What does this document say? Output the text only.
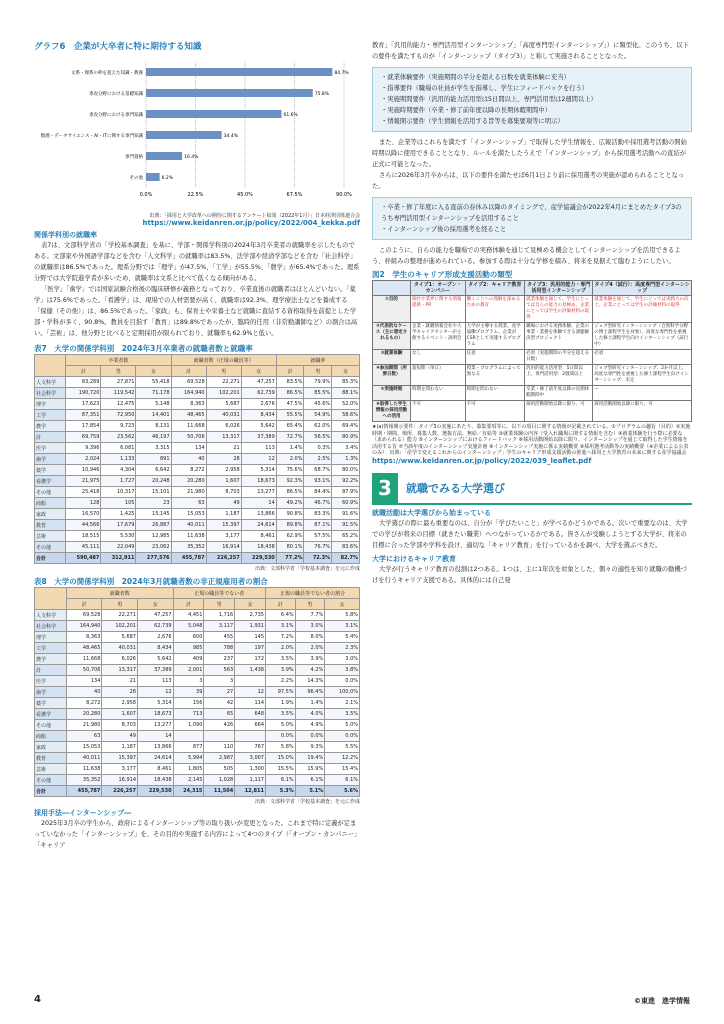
グラフ6　企業が大卒者に特に期待する知識
0.0%	22.5%	45.0%	67.5%	90.0%
文系・理系の枠を超えた知識・教養	84.7%
専攻分野における基礎知識	75.8%
専攻分野における専門知識	61.6%
数理・データサイエンス・AI・ITに関する専門知識	34.4%
専門資格	16.4%
その他	6.2%
出典：「採用と大学改革への期待に関するアンケート結果（2022年1月）」日本経済団体連合会
https://www.keidanren.or.jp/policy/2022/004_kekka.pdf
関係学科別の就職率

表7は、文部科学省の「学校基本調査」を基に、学部・関係学科別の2024年3月卒業者の就職率を示したものである。文部家や外国語学部などを含む「人文科学」の就職率は83.5%、法学部や経済学部などを含む「社会科学」の就職率は86.5%であった。理系分野では「理学」が47.5%、「工学」が55.5%、「農学」が65.4%であった。理系分野では大学院進学者が多いため、就職率は文系と比べて低くなる傾向がある。

「医学」「歯学」では国家試験合格後の臨床研修が義務となっており、卒業直後の就職者はほとんどいない。「薬学」は75.6%であった。「看護学」は、現場での人材需要が高く、就職率は92.3%、理学療法士などを養成する「保健（その他）」は、86.5%であった。「家政」も、保育士や栄養士など就職に直結する資格取得を前提とした学部・学科が多く、90.8%。教員を目指す「教育」は89.8%であったが、臨時的任用（非常勤講師など）の割合は高い。「芸術」は、他分野と比べると定期採用が限られており、就職率も62.9%と低い。

表7　大学の関係学科別　2024年3月卒業者の就職者数と就職率
	卒業者数			就職者数（正規の職員等）			就職率		
	計	男	女	計	男	女	計	男	女
人文科学	83,289	27,871	55,418	69,528	22,271	47,257	83.5%	79.9%	85.3%
社会科学	190,720	119,542	71,178	164,940	102,201	62,739	86.5%	85.5%	88.1%
理学	17,623	12,475	5,148	8,363	5,687	2,676	47.5%	45.6%	52.0%
工学	87,351	72,950	14,401	48,465	40,031	8,434	55.5%	54.9%	58.6%
農学	17,854	9,723	8,131	11,668	6,026	5,642	65.4%	62.0%	69.4%
計	69,759	23,562	46,197	50,706	13,317	37,389	72.7%	56.5%	80.9%
医学	9,396	6,081	3,315	134	21	113	1.4%	0.3%	3.4%
歯学	2,024	1,133	891	40	28	12	2.0%	2.5%	1.3%
薬学	10,946	4,304	6,642	8,272	2,958	5,314	75.6%	68.7%	80.0%
看護学	21,975	1,727	20,248	20,280	1,607	18,673	92.3%	93.1%	92.2%
その他	25,418	10,317	15,101	21,980	8,703	13,277	86.5%	84.4%	87.9%
商船	128	105	23	63	49	14	49.2%	46.7%	60.9%
家政	16,570	1,425	15,145	15,053	1,187	13,866	90.8%	83.3%	91.6%
教育	44,566	17,679	26,887	40,011	15,397	24,614	89.8%	87.1%	91.5%
芸術	18,515	5,530	12,985	11,638	3,177	8,461	62.9%	57.5%	65.2%
その他	45,111	22,049	23,062	35,352	16,914	18,438	80.1%	76.7%	83.6%
合計	590,487	312,911	277,576	455,787	226,257	229,530	77.2%	72.3%	82.7%
出典：文部科学省「学校基本調査」を元に作成
表8　大学の関係学科別　2024年3月就職者数の非正規雇用者の割合
	就職者数			正規の職員等でない者			正規の職員等でない者の割合		
	計	男	女	計	男	女	計	男	女
人文科学	69,528	22,271	47,257	4,451	1,716	2,735	6.4%	7.7%	5.8%
社会科学	164,940	102,201	62,739	5,048	3,117	1,931	3.1%	3.0%	3.1%
理学	8,363	5,687	2,676	600	455	145	7.2%	8.0%	5.4%
工学	48,465	40,031	8,434	985	788	197	2.0%	2.0%	2.3%
農学	11,668	6,026	5,642	409	237	172	3.5%	3.9%	3.0%
計	50,706	13,317	37,389	2,001	563	1,438	3.9%	4.2%	3.8%
医学	134	21	113	3	3		2.2%	14.3%	0.0%
歯学	40	28	12	39	27	12	97.5%	96.4%	100.0%
薬学	8,272	2,958	5,314	156	42	114	1.9%	1.4%	2.1%
看護学	20,280	1,607	18,673	713	65	648	3.5%	4.0%	3.5%
その他	21,980	8,703	13,277	1,090	426	664	5.0%	4.9%	5.0%
商船	63	49	14				0.0%	0.0%	0.0%
家政	15,053	1,187	13,866	877	110	767	5.8%	9.3%	5.5%
教育	40,011	15,397	24,614	5,994	2,987	3,007	15.0%	19.4%	12.2%
芸術	11,638	3,177	8,461	1,805	505	1,300	15.5%	15.9%	15.4%
その他	35,352	16,914	18,438	2,145	1,028	1,117	6.1%	6.1%	6.1%
合計	455,787	226,257	229,530	24,315	11,504	12,811	5.3%	5.1%	5.6%
出典：文部科学省「学校基本調査」を元に作成
採用手法―インターンシップ―

2025年3月卒の学生から、政府によるインターンシップ等の取り扱いが変更となった。これまで特に定義が定まっていなかった「インターンシップ」を、その目的や実施する内容によって4つのタイプ（「オープン・カンパニー」「キャリア

教育」「汎用的能力・専門活用型インターンシップ」「高度専門型インターンシップ」）に類型化。このうち、以下の要件を満たすものが「インターンシップ（タイプ3）」と称して実施されることとなった。

・就業体験要件（実施期間の半分を超える日数を就業体験に充当）
・指導要件（職場の社員が学生を指導し、学生にフィードバックを行う）
・実施期間要件（汎用的能力活用型は5日間以上、専門活用型は2週間以上）
・実施時期要件（卒業・修了前年度以降の長期休暇期間中）
・情報開示要件（学生情報を活用する旨等を募集要項等に明示）

また、企業等はこれらを満たす「インターンシップ」で取得した学生情報を、広報活動や採用選考活動の開始時期以降に使用できることとなり、ルールを満たしたうえで「インターンシップ」から採用選考活動への直結が正式に可能となった。

さらに2026年3月卒からは、以下の要件を満たせば6月1日より前に採用選考の実施が認められることとなった。

・卒業・修了年度に入る直前の春休み以降のタイミングで、産学協議会が2022年4月にまとめたタイプ3のうち専門活用型インターンシップを活用すること
・インターンシップ後の採用選考を経ること

このように、自らの能力を職場での実務体験を通じて見極める機会としてインターンシップを活用できるよう、枠組みの整理が進められている。参加する際は十分な学修を積み、将来を見据えて臨むようにしたい。

図2　学生のキャリア形成支援活動の類型
	タイプ1：オープン・カンパニー	タイプ2：キャリア教育	タイプ3：汎用的能力・専門活用型インターンシップ	タイプ4（試行）：高度専門型インターンシップ
①目的	個社や業界に関する情報提供・PR	働くことへの理解を深めるための教育	就業体験を通じて、学生にとっては自らの能力の見極め、企業にとっては学生の評価材料の取得	就業体験を通じて、学生にとっては実践力の向上、企業にとっては学生の評価材料の取得
②代表的なケース（主に想定されるもの）	企業・就職情報会社や大学キャリアセンターが主催するイベント・説明会	大学が主導する授業、産学協働プログラム、企業がCSRとして実施するプログラム	職場における実務体験、企業の事業・業務を体験できる課題解決型プロジェクト	ジョブ型研究インターンシップ（自然科学分野の博士課程学生を対象）、高度な専門性を重視した修士課程学生向けインターンシップ（試行中）
③就業体験	なし	任意	必須（実施期間の半分を超える日数）	必須
④参加期間（所要日数）	超短期（単日）	授業・プログラムによって異なる	汎用的能力活用型：5日間以上、専門活用型：2週間以上	ジョブ型研究インターンシップ：2か月以上、高度な専門性を重視した修士課程学生向けインターンシップ：未定
⑤実施時期	時期を問わない	時期を問わない	卒業・修了前年度以降の長期休暇期間中	—
⑥取得した学生情報の採用活動への活用	不可	不可	採用活動開始以降に限り、可	採用活動開始以降に限り、可
★(a)情報開示要件：タイプ3の実施にあたり、募集要項等に、以下の項目に関する情報が記載されている。①プログラムの趣旨（目的）②実施時期・期間、場所、募集人数、選抜方法、無給／有給等 ③就業体験の内容（受入れ職場に関する情報を含む）④就業体験を行う際に必要な（求められる）能力 ⑤インターンシップにおけるフィードバック ⑥採用活動開始以降に限り、インターンシップを通じて取得した学生情報を活用する旨 ⑦当該年度のインターンシップ実施計画 ⑧インターンシップ実施に係る実績概要 ⑨採用選考活動等の実績概要（※企業による公表のみ）　出典：「産学で変えるこれからのインターンシップ」学生のキャリア形成支援活動の推進へ採用と大学教育の未来に関する産学協議会
https://www.keidanren.or.jp/policy/2022/039_leaflet.pdf
3	就職でみる大学選び
就職活動は大学選びから始まっている

大学選びの際に最も重要なのは、自分が「学びたいこと」が学べるかどうかである。次いで重要なのは、大学での学びが将来の目標（就きたい職業）へつながっているかである。皆さんが受験しようとする大学が、将来の目標に合った学部や学科を設け、適切な「キャリア教育」を行っているかを調べ、大学を選ぶべきだ。

大学におけるキャリア教育

大学が行うキャリア教育の役割は2つある。1つは、主に1年次を対象とした、個々の適性を知り就職の動機づけを行うキャリア支援である。具体的には自己発

4	©東進　進学情報
